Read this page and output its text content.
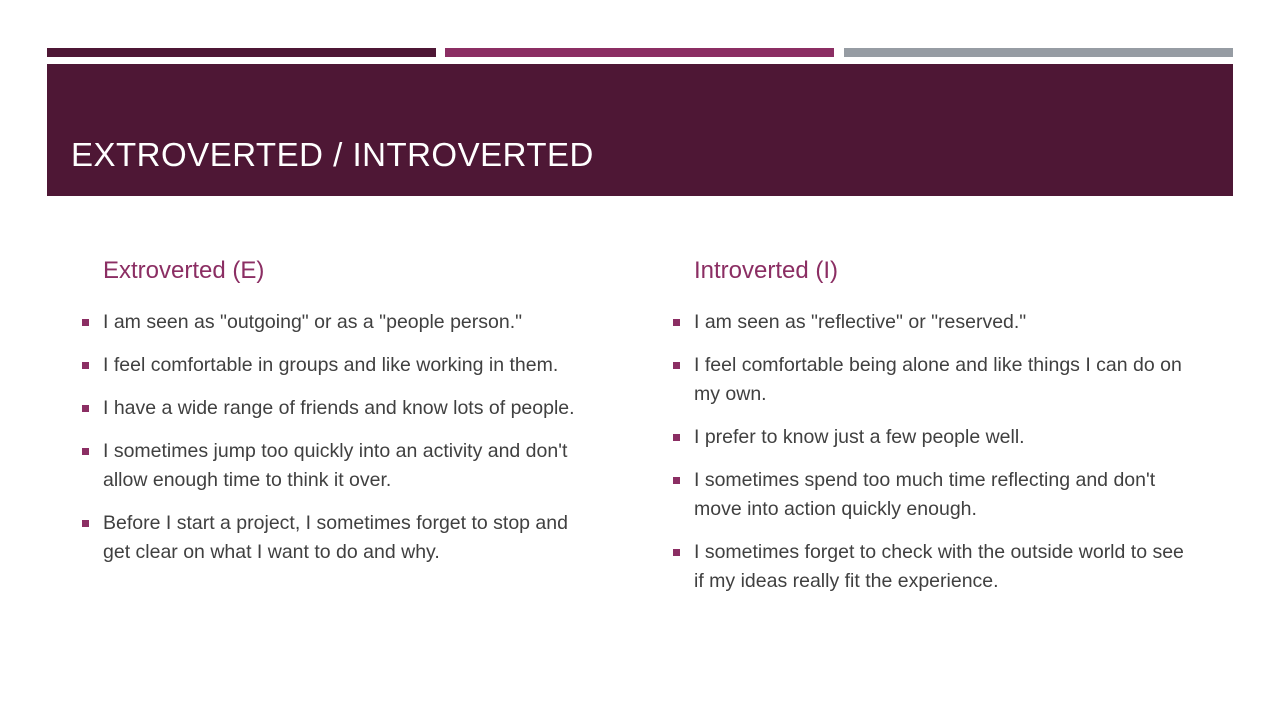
EXTROVERTED / INTROVERTED
Extroverted (E)
I am seen as "outgoing" or as a "people person."
I feel comfortable in groups and like working in them.
I have a wide range of friends and know lots of people.
I sometimes jump too quickly into an activity and don't allow enough time to think it over.
Before I start a project, I sometimes forget to stop and get clear on what I want to do and why.
Introverted (I)
I am seen as "reflective" or "reserved."
I feel comfortable being alone and like things I can do on my own.
I prefer to know just a few people well.
I sometimes spend too much time reflecting and don't move into action quickly enough.
I sometimes forget to check with the outside world to see if my ideas really fit the experience.
